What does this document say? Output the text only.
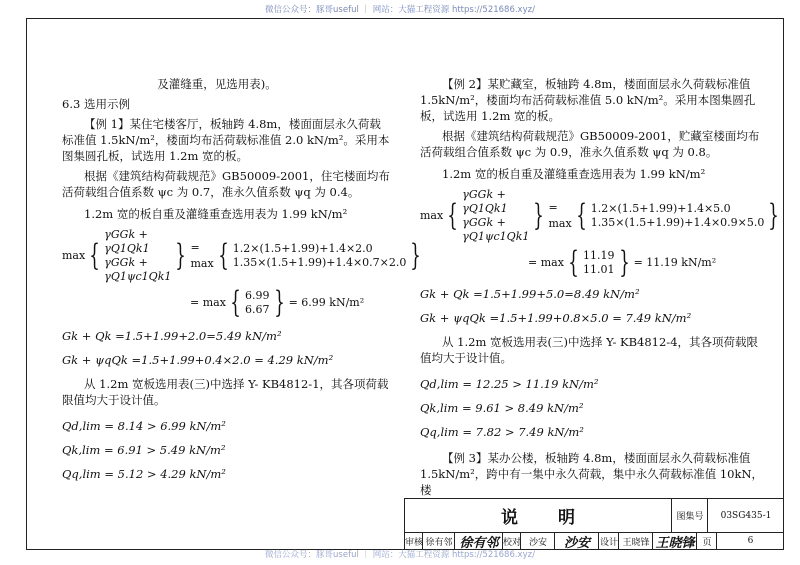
微信公众号：豚哥useful ｜ 网站：大猫工程资源 https://521686.xyz/

及灌缝重，见选用表)。

6.3 选用示例

【例 1】某住宅楼客厅，板轴跨 4.8m，楼面面层永久荷载标准值 1.5kN/m²，楼面均布活荷载标准值 2.0 kN/m²。采用本图集圆孔板，试选用 1.2m 宽的板。

根据《建筑结构荷载规范》GB50009-2001，住宅楼面均布活荷载组合值系数 ψc 为 0.7，准永久值系数 ψq 为 0.4。

1.2m 宽的板自重及灌缝重查选用表为 1.99 kN/m²

max {
γGGk + γQ1Qk1
γGGk + γQ1ψc1Qk1
} = max { 1.2×(1.5+1.99)+1.4×2.0
1.35×(1.5+1.99)+1.4×0.7×2.0 }
= max { 6.99
6.67 } = 6.99 kN/m²

Gk + Qk =1.5+1.99+2.0=5.49 kN/m²

Gk + ψqQk =1.5+1.99+0.4×2.0 = 4.29 kN/m²

从 1.2m 宽板选用表(三)中选择 Y- KB4812-1，其各项荷载限值均大于设计值。

Qd,lim = 8.14 > 6.99 kN/m²

Qk,lim = 6.91 > 5.49 kN/m²

Qq,lim = 5.12 > 4.29 kN/m²

【例 2】某贮藏室，板轴跨 4.8m，楼面面层永久荷载标准值 1.5kN/m²，楼面均布活荷载标准值 5.0 kN/m²。采用本图集圆孔板，试选用 1.2m 宽的板。

根据《建筑结构荷载规范》GB50009-2001，贮藏室楼面均布活荷载组合值系数 ψc 为 0.9，准永久值系数 ψq 为 0.8。

1.2m 宽的板自重及灌缝重查选用表为 1.99 kN/m²

max {
γGGk + γQ1Qk1
γGGk + γQ1ψc1Qk1
} = max { 1.2×(1.5+1.99)+1.4×5.0
1.35×(1.5+1.99)+1.4×0.9×5.0 }
= max { 11.19
11.01 } = 11.19 kN/m²

Gk + Qk =1.5+1.99+5.0=8.49 kN/m²

Gk + ψqQk =1.5+1.99+0.8×5.0 = 7.49 kN/m²

从 1.2m 宽板选用表(三)中选择 Y- KB4812-4，其各项荷载限值均大于设计值。

Qd,lim = 12.25 > 11.19 kN/m²

Qk,lim = 9.61 > 8.49 kN/m²

Qq,lim = 7.82 > 7.49 kN/m²

【例 3】某办公楼，板轴跨 4.8m，楼面面层永久荷载标准值 1.5kN/m²，跨中有一集中永久荷载，集中永久荷载标准值 10kN，楼

说明	图集号	03SG435-1
审核 徐有邻 徐有邻 校对 沙安	沙安	设计 王晓锋 王晓锋 页	6
微信公众号：豚哥useful ｜ 网站：大猫工程资源 https://521686.xyz/
